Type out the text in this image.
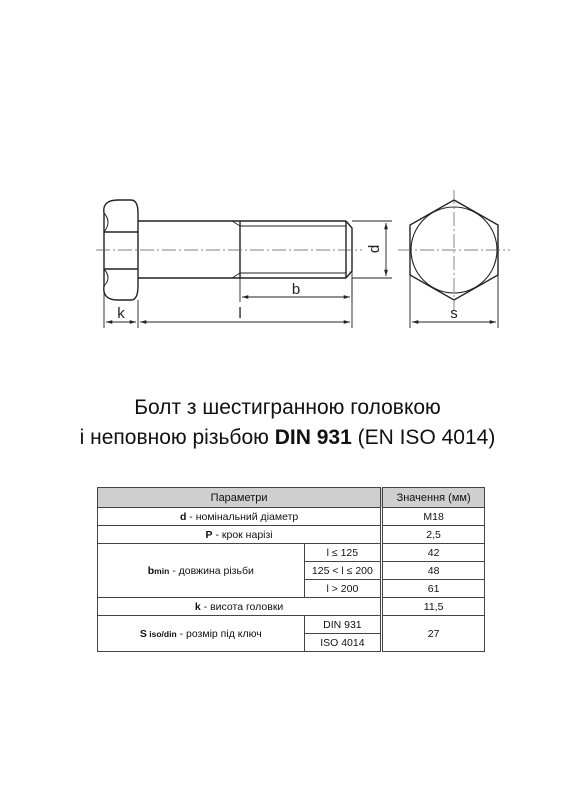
d
b
k	l	s
Болт з шестигранною головкою
і неповною різьбою DIN 931 (EN ISO 4014)
Параметри			Значення (мм)
d - номінальний діаметр			M18
P - крок нарізі			2,5
bmin - довжина різьби	l ≤ 125		42
	125 < l ≤ 200		48
	l > 200		61
k - висота головки			11,5
S iso/din - розмір під ключ	DIN 931		27
	ISO 4014		
